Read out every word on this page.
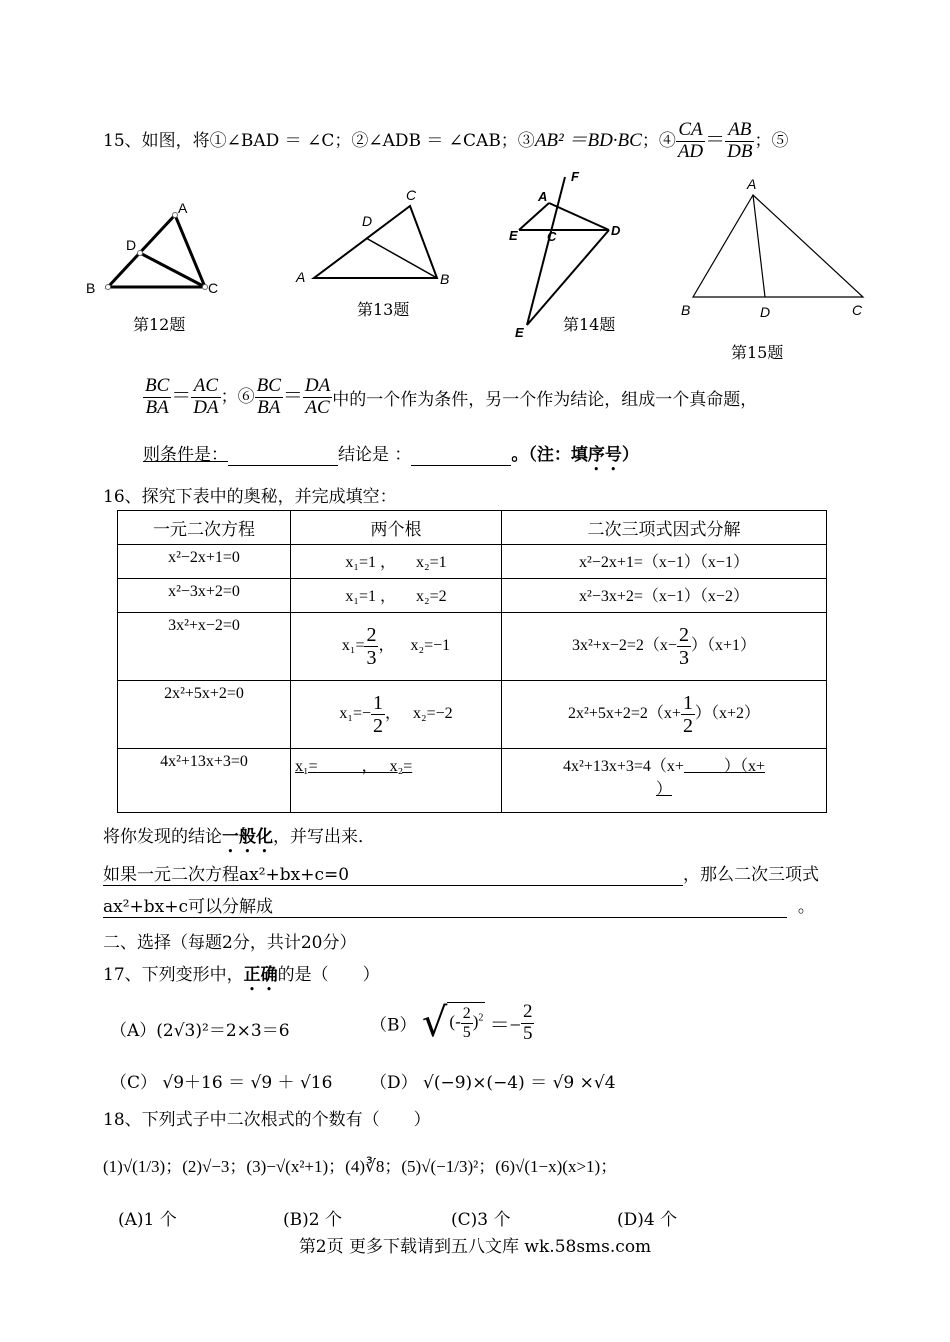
15、如图，将①∠BAD ＝ ∠C；②∠ADB ＝ ∠CAB；③AB² ＝BD·BC；④ $\frac{CA}{AD} = \frac{AB}{DB}$ ；⑤
A
D
B	C
第12题
C
D
A	B
第13题
F
A
E C	D
E 第14题
A
B	D	C
第15题
$\frac{BC}{BA} = \frac{AC}{DA}$ ；⑥ $\frac{BC}{BA} = \frac{DA}{AC}$ 中的一个作为条件，另一个作为结论，组成一个真命题，
则条件是：	结论是 ：	。（注：填序号）
16、探究下表中的奥秘，并完成填空：
一元二次方程	两个根	二次三项式因式分解
x²−2x+1=0	x₁=1 ， x₂=1	x²−2x+1=（x−1）（x−1）
x²−3x+2=0	x₁=1 ， x₂=2	x²−3x+2=（x−1）（x−2）
3x²+x−2=0	$x_1= \frac{2}{3}$ ，    x₂=−1	$3x^2+x-2=2(x- \frac{2}{3} )(x+1)$
2x²+5x+2=0	$x_1=- \frac{1}{2}$ ，   x₂=−2	$2x^2+5x+2=2(x+ \frac{1}{2} )(x+2)$
4x²+13x+3=0	x₁=           ，   x₂=	4x²+13x+3=4（x+ ）（x+
）
将你发现的结论一般化，并写出来．
如果一元二次方程ax²+bx+c=0	，那么二次三项式
ax²+bx+c可以分解成	。
二、选择（每题2分，共计20分）
17、下列变形中，正确的是（　　）
（A）(2√3)²＝2×3＝6	（B） √ (- $\frac{2}{5} )^2 =- \frac{2}{5}$
（C） √9＋16 ＝ √9 ＋ √16 （D） √(−9)×(−4) ＝ √9 ×√4
18、下列式子中二次根式的个数有（　　）
(1)√(1/3)；(2)√−3；(3)−√(x²+1)；(4)∛8；(5)√(−1/3)²；(6)√(1−x)(x>1)；
(A)1 个	(B)2 个	(C)3 个	(D)4 个
第2页 更多下载请到五八文库 wk.58sms.com
